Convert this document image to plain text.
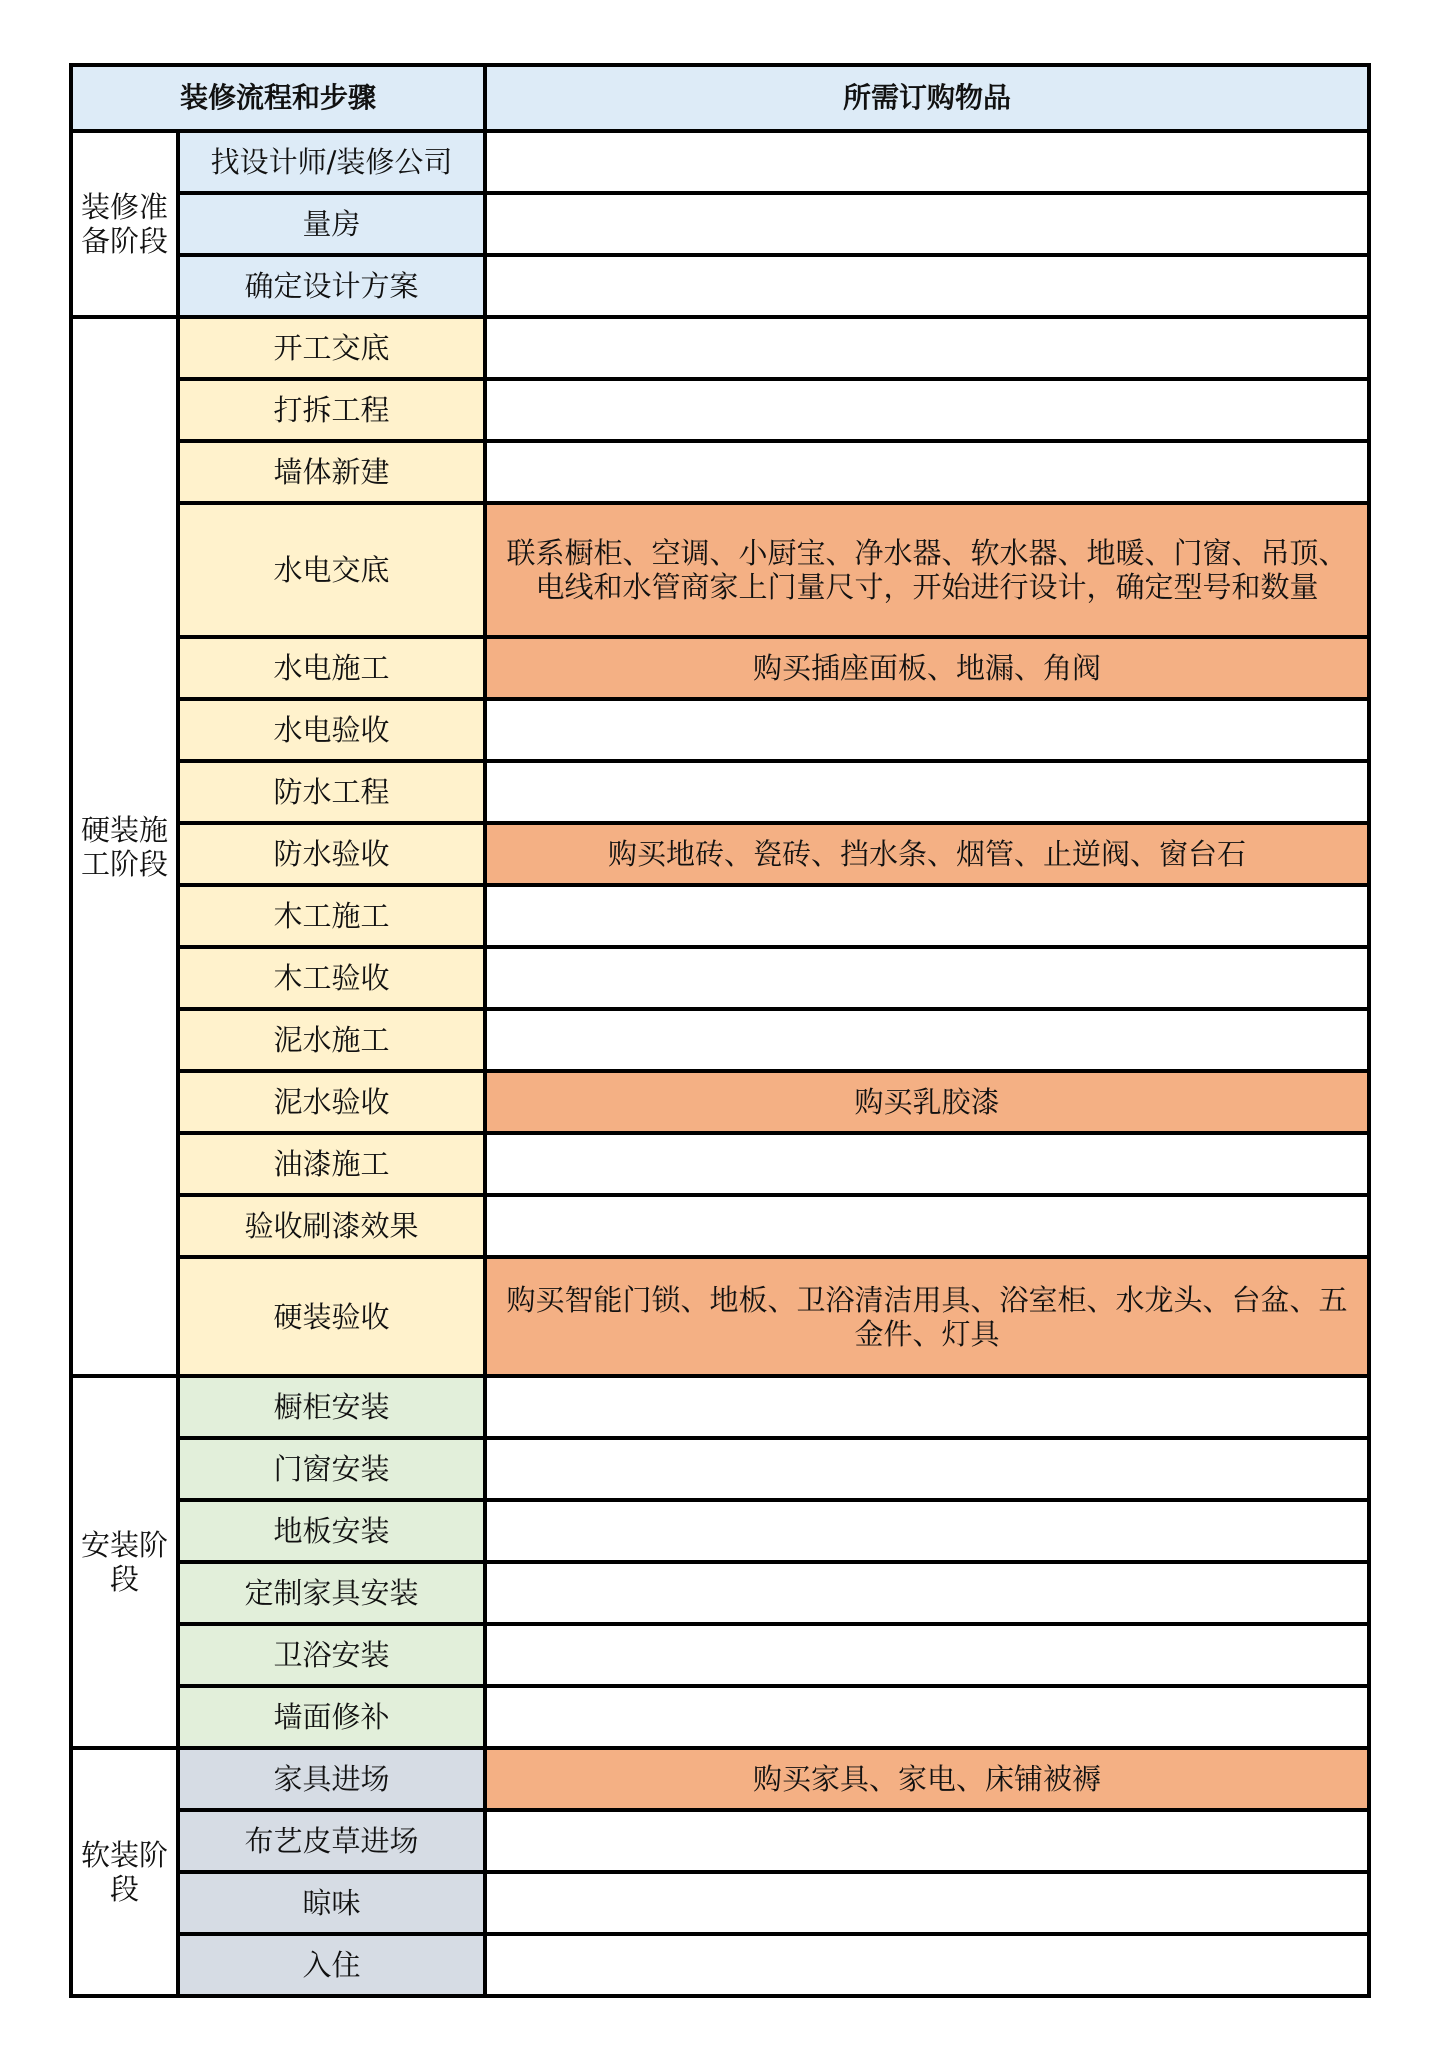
装修流程和步骤		所需订购物品
装修准备阶段	找设计师/装修公司	
	量房	
	确定设计方案	
硬装施工阶段	开工交底	
	打拆工程	
	墙体新建	
	水电交底	联系橱柜、空调、小厨宝、净水器、软水器、地暖、门窗、吊顶、电线和水管商家上门量尺寸，开始进行设计，确定型号和数量
	水电施工	购买插座面板、地漏、角阀
	水电验收	
	防水工程	
	防水验收	购买地砖、瓷砖、挡水条、烟管、止逆阀、窗台石
	木工施工	
	木工验收	
	泥水施工	
	泥水验收	购买乳胶漆
	油漆施工	
	验收刷漆效果	
	硬装验收	购买智能门锁、地板、卫浴清洁用具、浴室柜、水龙头、台盆、五金件、灯具
安装阶段	橱柜安装	
	门窗安装	
	地板安装	
	定制家具安装	
	卫浴安装	
	墙面修补	
软装阶段	家具进场	购买家具、家电、床铺被褥
	布艺皮草进场	
	晾味	
	入住	
